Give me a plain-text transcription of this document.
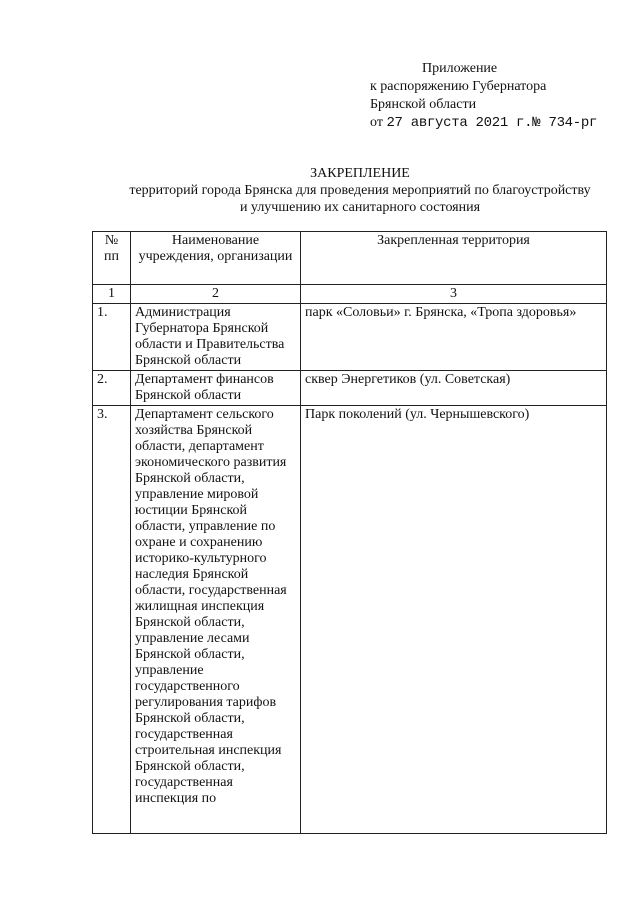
Приложение
к распоряжению Губернатора
Брянской области
от 27 августа 2021 г.№ 734-рг
ЗАКРЕПЛЕНИЕ
территорий города Брянска для проведения мероприятий по благоустройству
и улучшению их санитарного состояния
№ пп	Наименование учреждения, организации	Закрепленная территория
1	2	3
1.	Администрация Губернатора Брянской области и Правительства Брянской области	парк «Соловьи» г. Брянска, «Тропа здоровья»
2.	Департамент финансов Брянской области	сквер Энергетиков (ул. Советская)
3.	Департамент сельского хозяйства Брянской области, департамент экономического развития Брянской области, управление мировой юстиции Брянской области, управление по охране и сохранению историко-культурного наследия Брянской области, государственная жилищная инспекция Брянской области, управление лесами Брянской области, управление государственного регулирования тарифов Брянской области, государственная строительная инспекция Брянской области, государственная инспекция по	Парк поколений (ул. Чернышевского)
